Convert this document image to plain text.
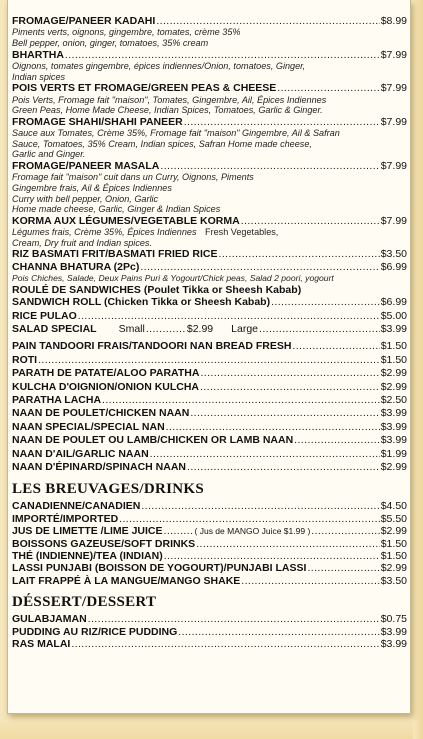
FROMAGE/PANEER KADAHI .....	$8.99
Piments verts, oignons, gingembre, tomates, crème 35%
Bell pepper, onion, ginger, tomatoes, 35% cream
BHARTHA .....	$7.99
Oignons, tomates gingembre, épices indiennes/Onion, tomatoes, Ginger,
Indian spices
POIS VERTS ET FROMAGE/GREEN PEAS & CHEESE .....	$7.99
Pois Verts, Fromage fait "maison", Tomates, Gingembre, Ail, Épices Indiennes
Green Peas, Home Made Cheese, Indian Spices, Tomatoes, Garlic & Ginger.
FROMAGE SHAHI/SHAHI PANEER .....	$7.99
Sauce aux Tomates, Crème 35%, Fromage fait "maison" Gingembre, Ail & Safran
Sauce, Tomatoes, 35% Cream, Indian spices, Safran Home made cheese,
Garlic and Ginger.
FROMAGE/PANEER MASALA .....	$7.99
Fromage fait "maison" cuit dans un Curry, Oignons, Piments
Gingembre frais, Ail & Épices Indiennes
Curry with bell pepper, Onion, Garlic
Home made cheese, Garlic, Ginger & Indian Spices
KORMA AUX LÉGUMES/VEGETABLE KORMA .....	$7.99
Légumes frais, Crème 35%, Épices Indiennes Fresh Vegetables,
Cream, Dry fruit and Indian spices.
RIZ BASMATI FRIT/BASMATI FRIED RICE .....	$3.50
CHANNA BHATURA (2Pc) .....	$6.99
Pois Chiches, Salade, Deux Pains Puri & Yogourt/Chick peas, Salad 2 poori, yogourt
ROULÉ DE SANDWICHES (Poulet Tikka or Sheesh Kabab)
SANDWICH ROLL (Chicken Tikka or Sheesh Kabab) .....	$6.99
RICE PULAO .....	$5.00
SALAD SPECIAL Small .....	$2.99 Large .....	$3.99
PAIN TANDOORI FRAIS/TANDOORI NAN BREAD FRESH .....	$1.50
ROTI .....	$1.50
PARATH DE PATATE/ALOO PARATHA .....	$2.99
KULCHA D'OIGNION/ONION KULCHA .....	$2.99
PARATHA LACHA .....	$2.50
NAAN DE POULET/CHICKEN NAAN .....	$3.99
NAAN SPECIAL/SPECIAL NAN .....	$3.99
NAAN DE POULET OU LAMB/CHICKEN OR LAMB NAAN .....	$3.99
NAAN D'AIL/GARLIC NAAN .....	$1.99
NAAN D'ÉPINARD/SPINACH NAAN .....	$2.99
LES BREUVAGES/DRINKS
CANADIENNE/CANADIEN .....	$4.50
IMPORTÉ/IMPORTED .....	$5.50
JUS DE LIMETTE /LIME JUICE .....	( Jus de MANGO Juice $1.99 ) .....	$2.99
BOISSONS GAZEUSE/SOFT DRINKS .....	$1.50
THÉ (INDIENNE)/TEA (INDIAN) .....	$1.50
LASSI PUNJABI (BOISSON DE YOGOURT)/PUNJABI LASSI .....	$2.99
LAIT FRAPPÉ À LA MANGUE/MANGO SHAKE .....	$3.50
DÉSSERT/DESSERT
GULABJAMAN .....	$0.75
PUDDING AU RIZ/RICE PUDDING .....	$3.99
RAS MALAI .....	$3.99
